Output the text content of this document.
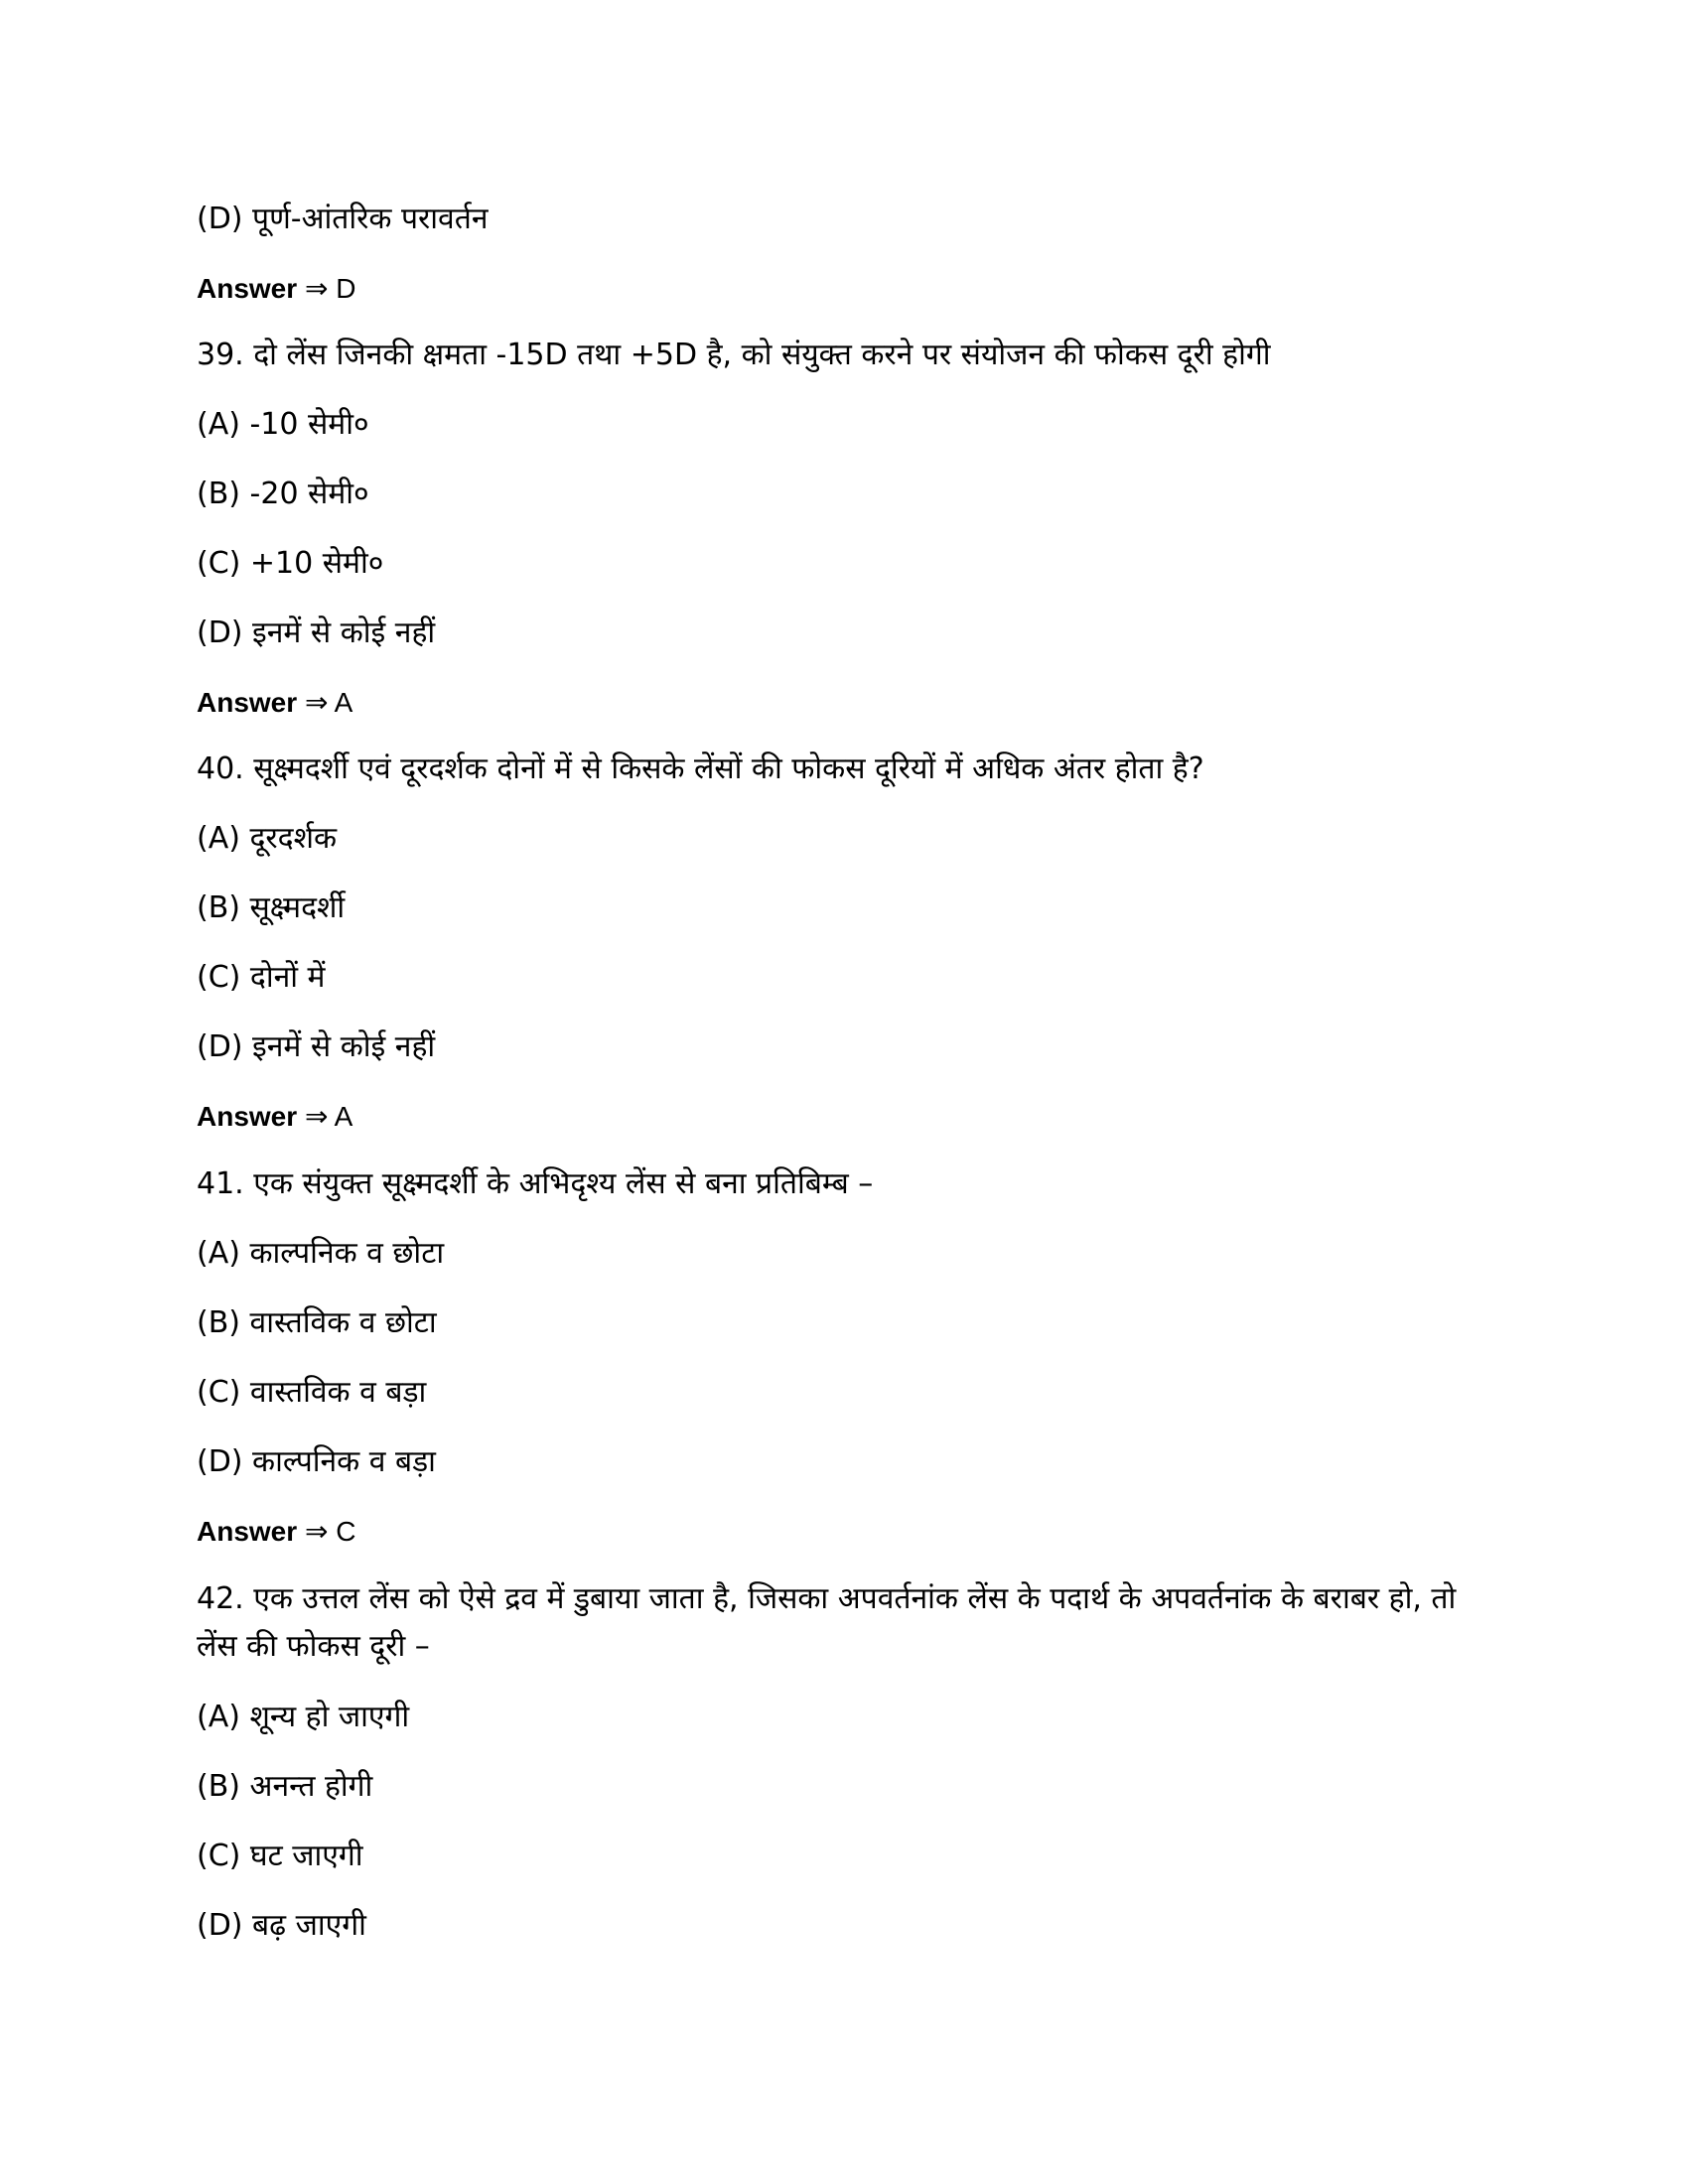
(D) पूर्ण-आंतरिक परावर्तन
Answer ⇒ D
39. दो लेंस जिनकी क्षमता -15D तथा +5D है, को संयुक्त करने पर संयोजन की फोकस दूरी होगी
(A) -10 सेमी०
(B) -20 सेमी०
(C) +10 सेमी०
(D) इनमें से कोई नहीं
Answer ⇒ A
40. सूक्ष्मदर्शी एवं दूरदर्शक दोनों में से किसके लेंसों की फोकस दूरियों में अधिक अंतर होता है?
(A) दूरदर्शक
(B) सूक्ष्मदर्शी
(C) दोनों में
(D) इनमें से कोई नहीं
Answer ⇒ A
41. एक संयुक्त सूक्ष्मदर्शी के अभिदृश्य लेंस से बना प्रतिबिम्ब –
(A) काल्पनिक व छोटा
(B) वास्तविक व छोटा
(C) वास्तविक व बड़ा
(D) काल्पनिक व बड़ा
Answer ⇒ C
42. एक उत्तल लेंस को ऐसे द्रव में डुबाया जाता है, जिसका अपवर्तनांक लेंस के पदार्थ के अपवर्तनांक के बराबर हो, तो लेंस की फोकस दूरी –
(A) शून्य हो जाएगी
(B) अनन्त होगी
(C) घट जाएगी
(D) बढ़ जाएगी
